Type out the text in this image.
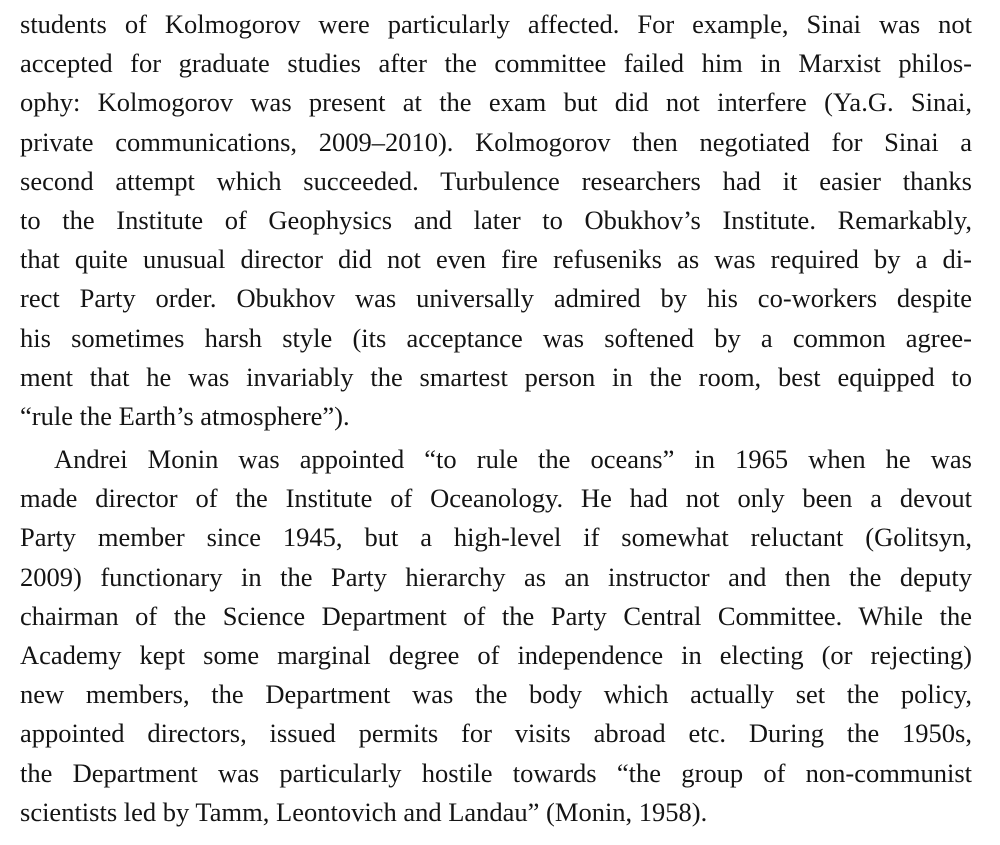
students of Kolmogorov were particularly affected. For example, Sinai was not
accepted for graduate studies after the committee failed him in Marxist philos-
ophy: Kolmogorov was present at the exam but did not interfere (Ya.G. Sinai,
private communications, 2009–2010). Kolmogorov then negotiated for Sinai a
second attempt which succeeded. Turbulence researchers had it easier thanks
to the Institute of Geophysics and later to Obukhov’s Institute. Remarkably,
that quite unusual director did not even fire refuseniks as was required by a di-
rect Party order. Obukhov was universally admired by his co-workers despite
his sometimes harsh style (its acceptance was softened by a common agree-
ment that he was invariably the smartest person in the room, best equipped to
“rule the Earth’s atmosphere”).
Andrei Monin was appointed “to rule the oceans” in 1965 when he was
made director of the Institute of Oceanology. He had not only been a devout
Party member since 1945, but a high-level if somewhat reluctant (Golitsyn,
2009) functionary in the Party hierarchy as an instructor and then the deputy
chairman of the Science Department of the Party Central Committee. While the
Academy kept some marginal degree of independence in electing (or rejecting)
new members, the Department was the body which actually set the policy,
appointed directors, issued permits for visits abroad etc. During the 1950s,
the Department was particularly hostile towards “the group of non-communist
scientists led by Tamm, Leontovich and Landau” (Monin, 1958).
